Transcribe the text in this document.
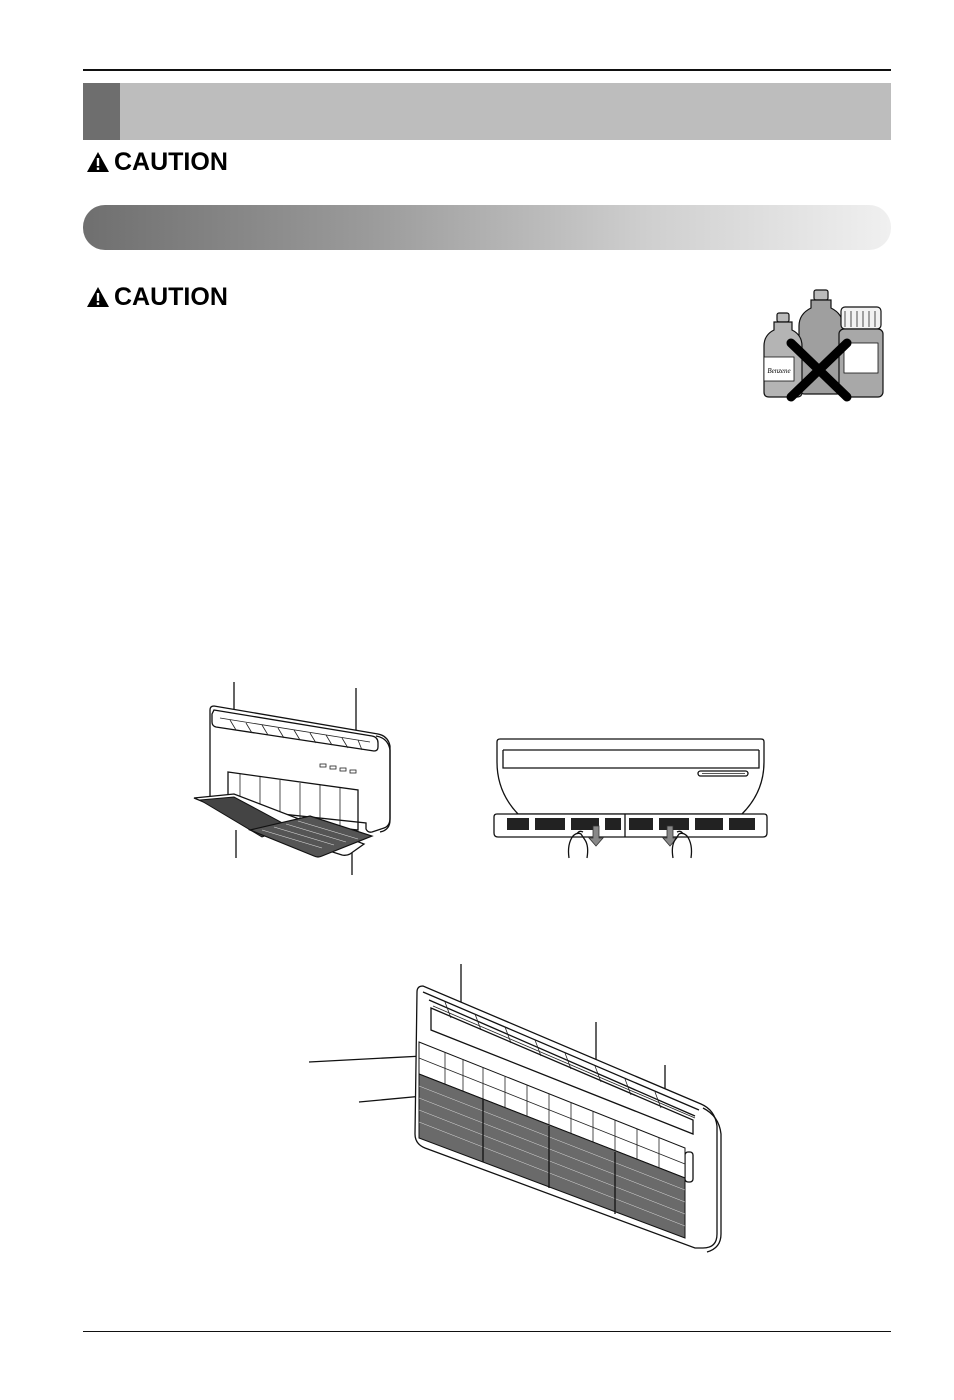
CAUTION
CAUTION
Benzene
